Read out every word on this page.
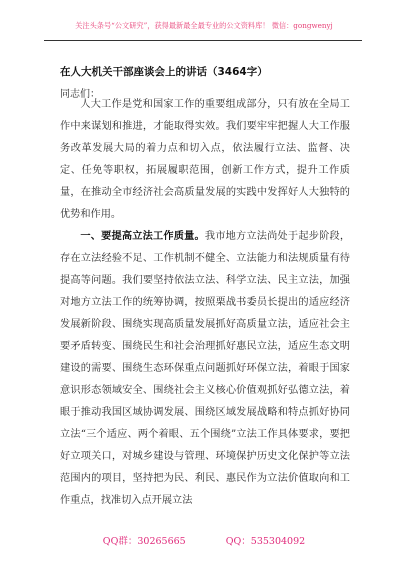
关注头条号“公文研究”，获得最新最全最专业的公文资料库！ 微信：gongwenyj
在人大机关干部座谈会上的讲话（3464字）
同志们：

人大工作是党和国家工作的重要组成部分，只有放在全局工作中来谋划和推进，才能取得实效。我们要牢牢把握人大工作服务改革发展大局的着力点和切入点，依法履行立法、监督、决定、任免等职权，拓展履职范围，创新工作方式，提升工作质量，在推动全市经济社会高质量发展的实践中发挥好人大独特的优势和作用。

一、要提高立法工作质量。我市地方立法尚处于起步阶段，存在立法经验不足、工作机制不健全、立法能力和法规质量有待提高等问题。我们要坚持依法立法、科学立法、民主立法，加强对地方立法工作的统筹协调，按照栗战书委员长提出的适应经济发展新阶段、围绕实现高质量发展抓好高质量立法，适应社会主要矛盾转变、围绕民生和社会治理抓好惠民立法，适应生态文明建设的需要、围绕生态环保重点问题抓好环保立法，着眼于国家意识形态领域安全、围绕社会主义核心价值观抓好弘德立法，着眼于推动我国区域协调发展、围绕区域发展战略和特点抓好协同立法“三个适应、两个着眼、五个围绕”立法工作具体要求，要把好立项关口，对城乡建设与管理、环境保护历史文化保护等立法范围内的项目，坚持把为民、利民、惠民作为立法价值取向和工作重点，找准切入点开展立法

QQ群：30265665	QQ：535304092
